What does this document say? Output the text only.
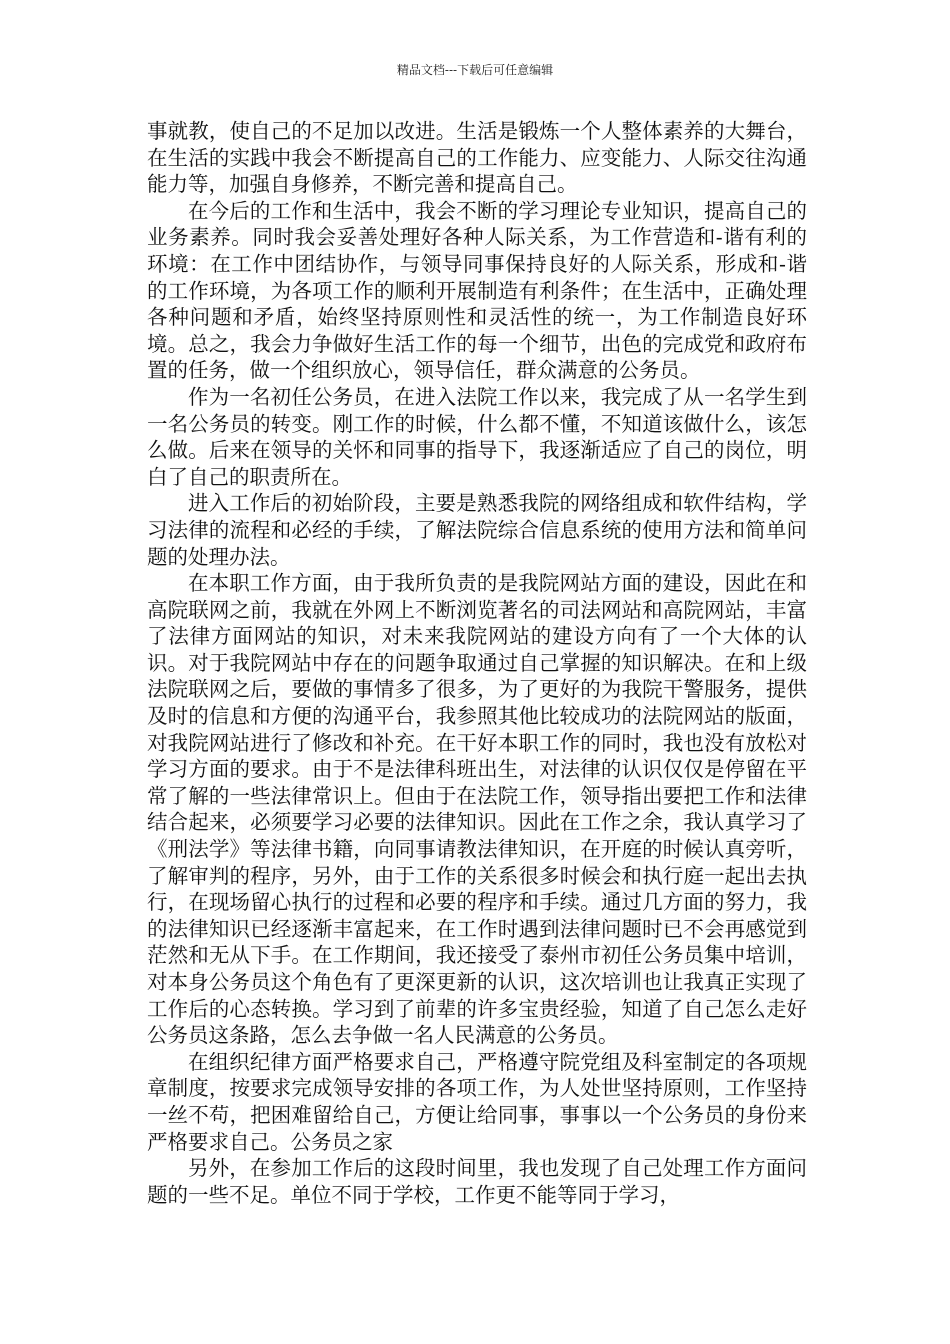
精品文档---下载后可任意编辑

事就教，使自己的不足加以改进。生活是锻炼一个人整体素养的大舞台，在生活的实践中我会不断提高自己的工作能力、应变能力、人际交往沟通能力等，加强自身修养，不断完善和提高自己。

在今后的工作和生活中，我会不断的学习理论专业知识，提高自己的业务素养。同时我会妥善处理好各种人际关系，为工作营造和-谐有利的环境：在工作中团结协作，与领导同事保持良好的人际关系，形成和-谐的工作环境，为各项工作的顺利开展制造有利条件；在生活中，正确处理各种问题和矛盾，始终坚持原则性和灵活性的统一，为工作制造良好环境。总之，我会力争做好生活工作的每一个细节，出色的完成党和政府布置的任务，做一个组织放心，领导信任，群众满意的公务员。

作为一名初任公务员，在进入法院工作以来，我完成了从一名学生到一名公务员的转变。刚工作的时候，什么都不懂，不知道该做什么，该怎么做。后来在领导的关怀和同事的指导下，我逐渐适应了自己的岗位，明白了自己的职责所在。

进入工作后的初始阶段，主要是熟悉我院的网络组成和软件结构，学习法律的流程和必经的手续，了解法院综合信息系统的使用方法和简单问题的处理办法。

在本职工作方面，由于我所负责的是我院网站方面的建设，因此在和高院联网之前，我就在外网上不断浏览著名的司法网站和高院网站，丰富了法律方面网站的知识，对未来我院网站的建设方向有了一个大体的认识。对于我院网站中存在的问题争取通过自己掌握的知识解决。在和上级法院联网之后，要做的事情多了很多，为了更好的为我院干警服务，提供及时的信息和方便的沟通平台，我参照其他比较成功的法院网站的版面，对我院网站进行了修改和补充。在干好本职工作的同时，我也没有放松对学习方面的要求。由于不是法律科班出生，对法律的认识仅仅是停留在平常了解的一些法律常识上。但由于在法院工作，领导指出要把工作和法律结合起来，必须要学习必要的法律知识。因此在工作之余，我认真学习了《刑法学》等法律书籍，向同事请教法律知识，在开庭的时候认真旁听，了解审判的程序，另外，由于工作的关系很多时候会和执行庭一起出去执行，在现场留心执行的过程和必要的程序和手续。通过几方面的努力，我的法律知识已经逐渐丰富起来，在工作时遇到法律问题时已不会再感觉到茫然和无从下手。在工作期间，我还接受了泰州市初任公务员集中培训，对本身公务员这个角色有了更深更新的认识，这次培训也让我真正实现了工作后的心态转换。学习到了前辈的许多宝贵经验，知道了自己怎么走好公务员这条路，怎么去争做一名人民满意的公务员。

在组织纪律方面严格要求自己，严格遵守院党组及科室制定的各项规章制度，按要求完成领导安排的各项工作，为人处世坚持原则，工作坚持一丝不苟，把困难留给自己，方便让给同事，事事以一个公务员的身份来严格要求自己。公务员之家

另外，在参加工作后的这段时间里，我也发现了自己处理工作方面问题的一些不足。单位不同于学校，工作更不能等同于学习，
